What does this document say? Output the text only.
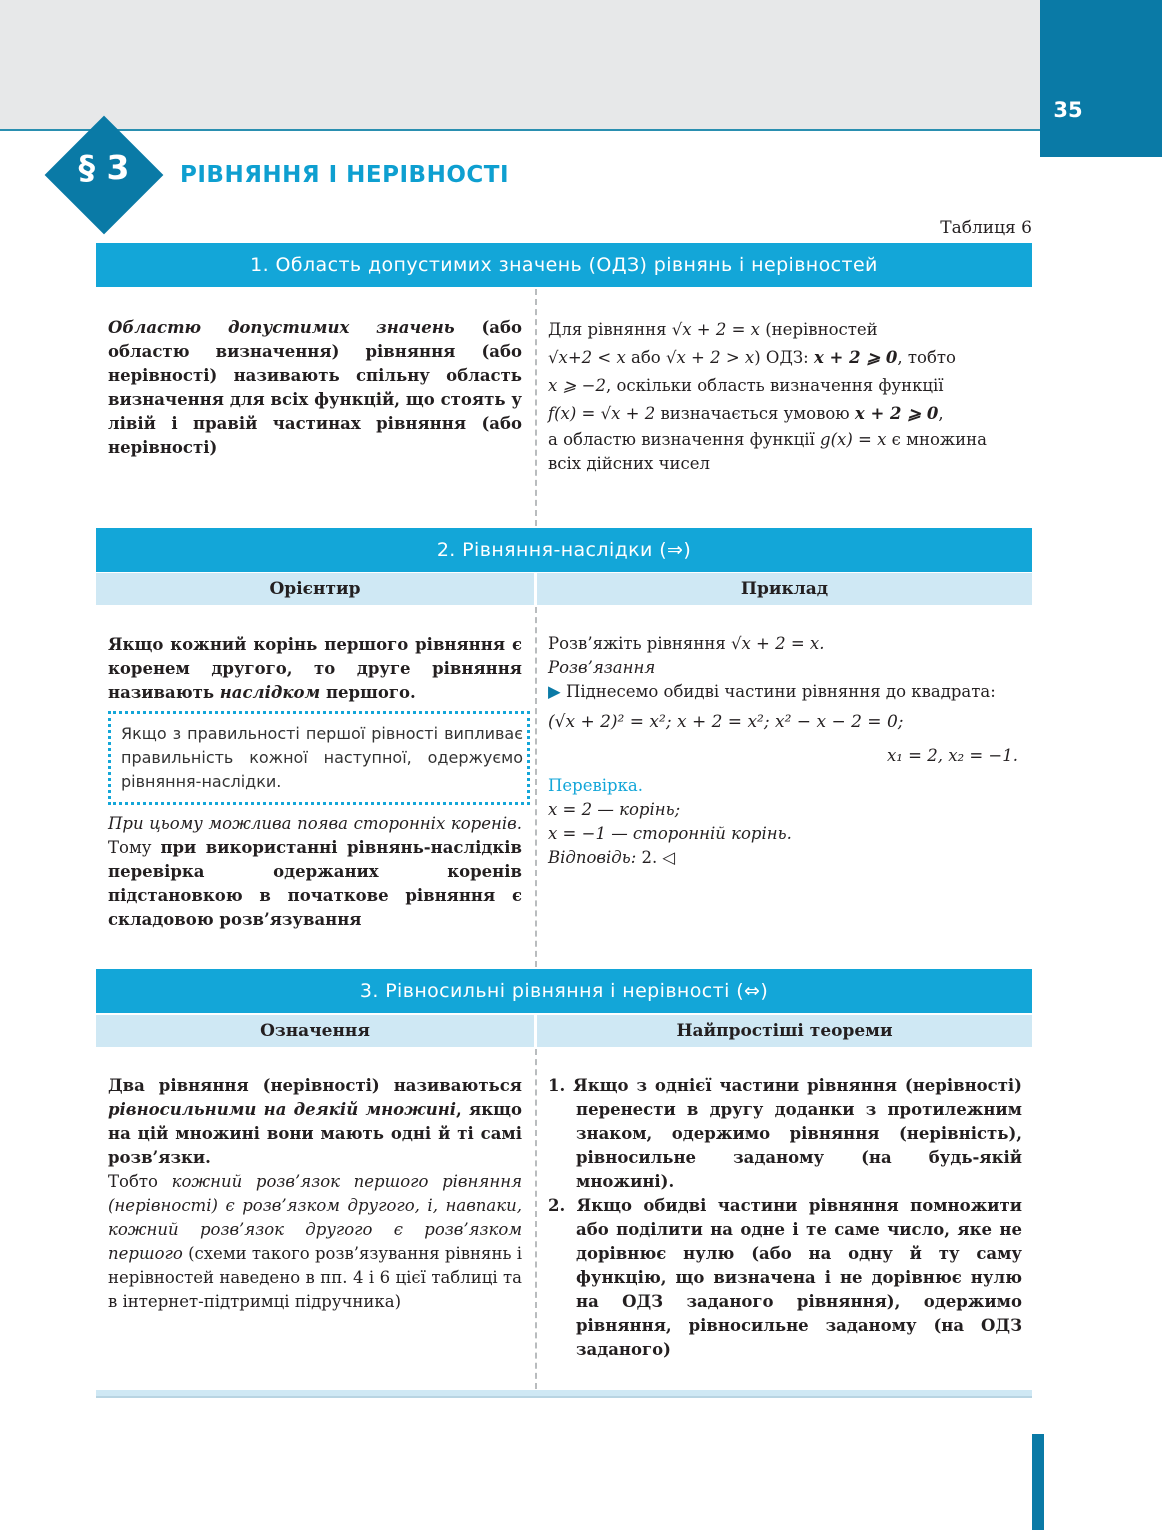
35
§ 3	РІВНЯННЯ І НЕРІВНОСТІ
Таблиця 6
1. Область допустимих значень (ОДЗ) рівнянь і нерівностей
Областю допустимих значень (або областю визначення) рівняння (або нерівності) називають спільну область визначення для всіх функцій, що стоять у лівій і правій частинах рівняння (або нерівності)
Для рівняння √x + 2 = x (нерівностей
√x+2 < x або √x + 2 > x) ОДЗ: x + 2 ⩾ 0, тобто
x ⩾ −2, оскільки область визначення функції
f(x) = √x + 2 визначається умовою x + 2 ⩾ 0,
а областю визначення функції g(x) = x є множина всіх дійсних чисел
2. Рівняння-наслідки (⇒)
Орієнтир	Приклад
Якщо кожний корінь першого рівняння є коренем другого, то друге рівняння називають наслідком першого.
Якщо з правильності першої рівності випливає правильність кожної наступної, одержуємо рівняння-наслідки.
При цьому можлива поява сторонніх коренів. Тому при використанні рівнянь-наслідків перевірка одержаних коренів підстановкою в початкове рівняння є складовою розв’язування
Розв’яжіть рівняння √x + 2 = x.
Розв’язання
▶ Піднесемо обидві частини рівняння до квадрата:
(√x + 2)² = x²; x + 2 = x²; x² − x − 2 = 0;
x₁ = 2, x₂ = −1.
Перевірка.
x = 2 — корінь;
x = −1 — сторонній корінь.
Відповідь: 2. ◁
3. Рівносильні рівняння і нерівності (⇔)
Означення	Найпростіші теореми
Два рівняння (нерівності) називаються рівносильними на деякій множині, якщо на цій множині вони мають одні й ті самі розв’язки.
Тобто кожний розв’язок першого рівняння (нерівності) є розв’язком другого, і, навпаки, кожний розв’язок другого є розв’язком першого (схеми такого розв’язування рівнянь і нерівностей наведено в пп. 4 і 6 цієї таблиці та в інтернет-підтримці підручника)
1. Якщо з однієї частини рівняння (нерівності) перенести в другу доданки з протилежним знаком, одержимо рівняння (нерівність), рівносильне заданому (на будь-якій множині).
2. Якщо обидві частини рівняння помножити або поділити на одне і те саме число, яке не дорівнює нулю (або на одну й ту саму функцію, що визначена і не дорівнює нулю на ОДЗ заданого рівняння), одержимо рівняння, рівносильне заданому (на ОДЗ заданого)
